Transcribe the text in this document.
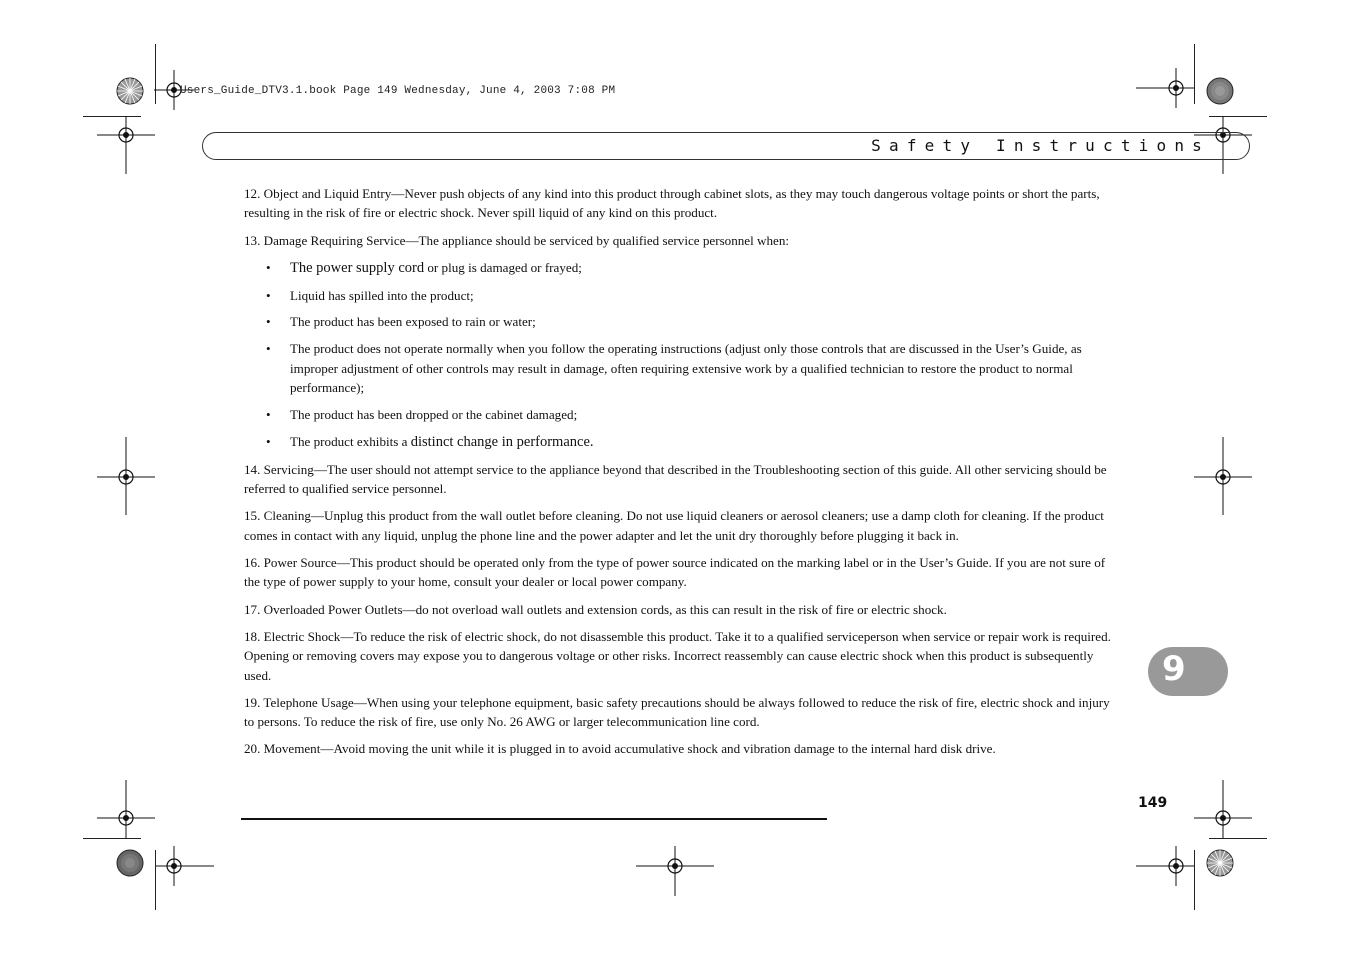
Users_Guide_DTV3.1.book Page 149 Wednesday, June 4, 2003 7:08 PM
Safety Instructions

12. Object and Liquid Entry—Never push objects of any kind into this product through cabinet slots, as they may touch dangerous voltage points or short the parts, resulting in the risk of fire or electric shock. Never spill liquid of any kind on this product.

13. Damage Requiring Service—The appliance should be serviced by qualified service personnel when:

• The power supply cord or plug is damaged or frayed;
• Liquid has spilled into the product;
• The product has been exposed to rain or water;
• The product does not operate normally when you follow the operating instructions (adjust only those controls that are discussed in the User’s Guide, as improper adjustment of other controls may result in damage, often requiring extensive work by a qualified technician to restore the product to normal performance);
• The product has been dropped or the cabinet damaged;
• The product exhibits a distinct change in performance.

14. Servicing—The user should not attempt service to the appliance beyond that described in the Troubleshooting section of this guide. All other servicing should be referred to qualified service personnel.

15. Cleaning—Unplug this product from the wall outlet before cleaning. Do not use liquid cleaners or aerosol cleaners; use a damp cloth for cleaning. If the product comes in contact with any liquid, unplug the phone line and the power adapter and let the unit dry thoroughly before plugging it back in.

16. Power Source—This product should be operated only from the type of power source indicated on the marking label or in the User’s Guide. If you are not sure of the type of power supply to your home, consult your dealer or local power company.

17. Overloaded Power Outlets—do not overload wall outlets and extension cords, as this can result in the risk of fire or electric shock.

18. Electric Shock—To reduce the risk of electric shock, do not disassemble this product. Take it to a qualified serviceperson when service or repair work is required. Opening or removing covers may expose you to dangerous voltage or other risks. Incorrect reassembly can cause electric shock when this product is subsequently used.

19. Telephone Usage—When using your telephone equipment, basic safety precautions should be always followed to reduce the risk of fire, electric shock and injury to persons. To reduce the risk of fire, use only No. 26 AWG or larger telecommunication line cord.

20. Movement—Avoid moving the unit while it is plugged in to avoid accumulative shock and vibration damage to the internal hard disk drive.

9
149
